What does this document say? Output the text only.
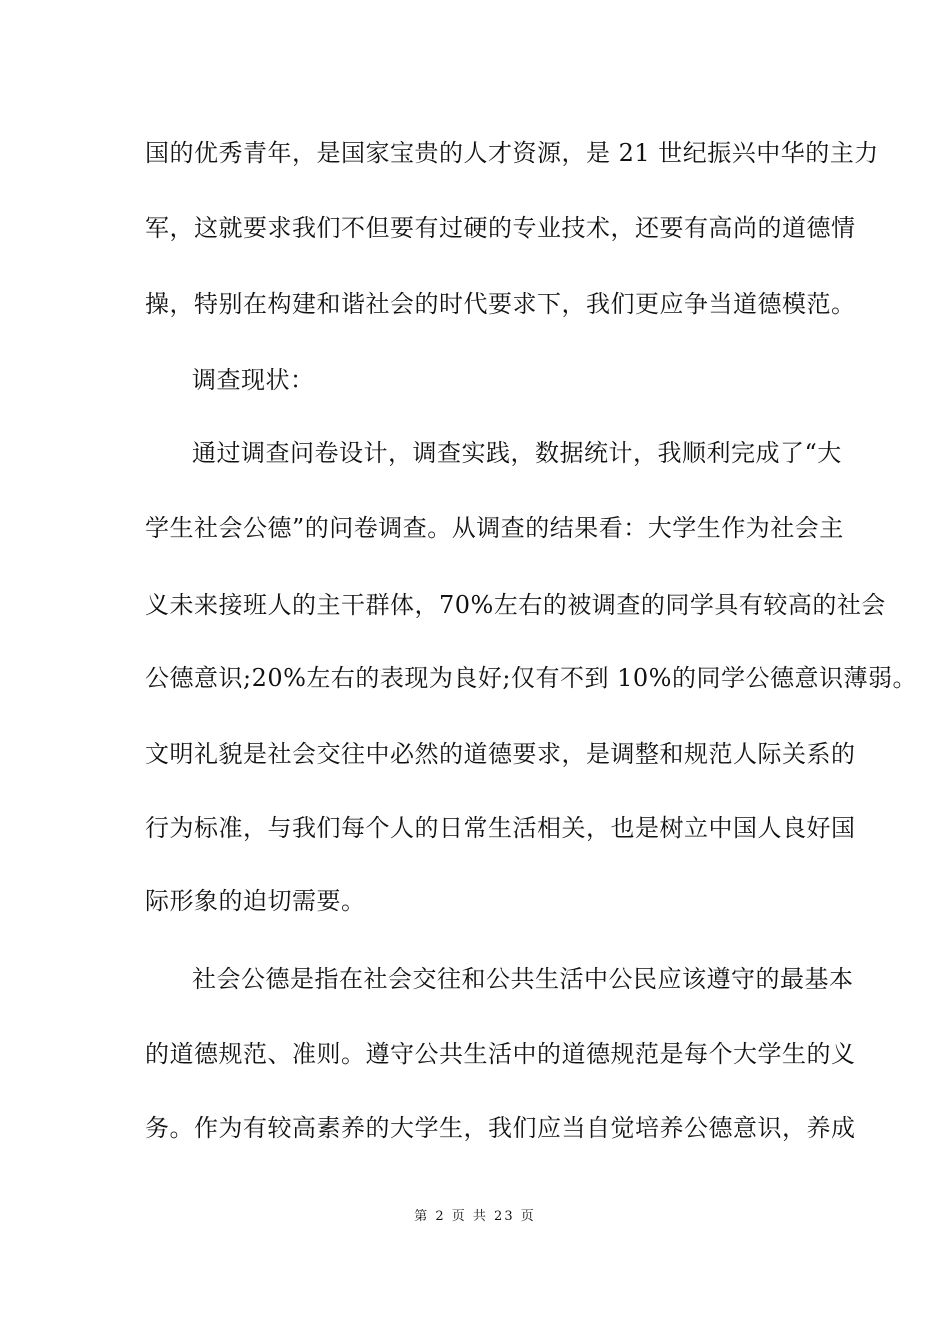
国的优秀青年，是国家宝贵的人才资源，是 21 世纪振兴中华的主力
军，这就要求我们不但要有过硬的专业技术，还要有高尚的道德情
操，特别在构建和谐社会的时代要求下，我们更应争当道德模范。
调查现状：
通过调查问卷设计，调查实践，数据统计，我顺利完成了“大
学生社会公德”的问卷调查。从调查的结果看：大学生作为社会主
义未来接班人的主干群体，70%左右的被调查的同学具有较高的社会
公德意识;20%左右的表现为良好;仅有不到 10%的同学公德意识薄弱。
文明礼貌是社会交往中必然的道德要求，是调整和规范人际关系的
行为标准，与我们每个人的日常生活相关，也是树立中国人良好国
际形象的迫切需要。
社会公德是指在社会交往和公共生活中公民应该遵守的最基本
的道德规范、准则。遵守公共生活中的道德规范是每个大学生的义
务。作为有较高素养的大学生，我们应当自觉培养公德意识，养成
第 2 页 共 23 页
